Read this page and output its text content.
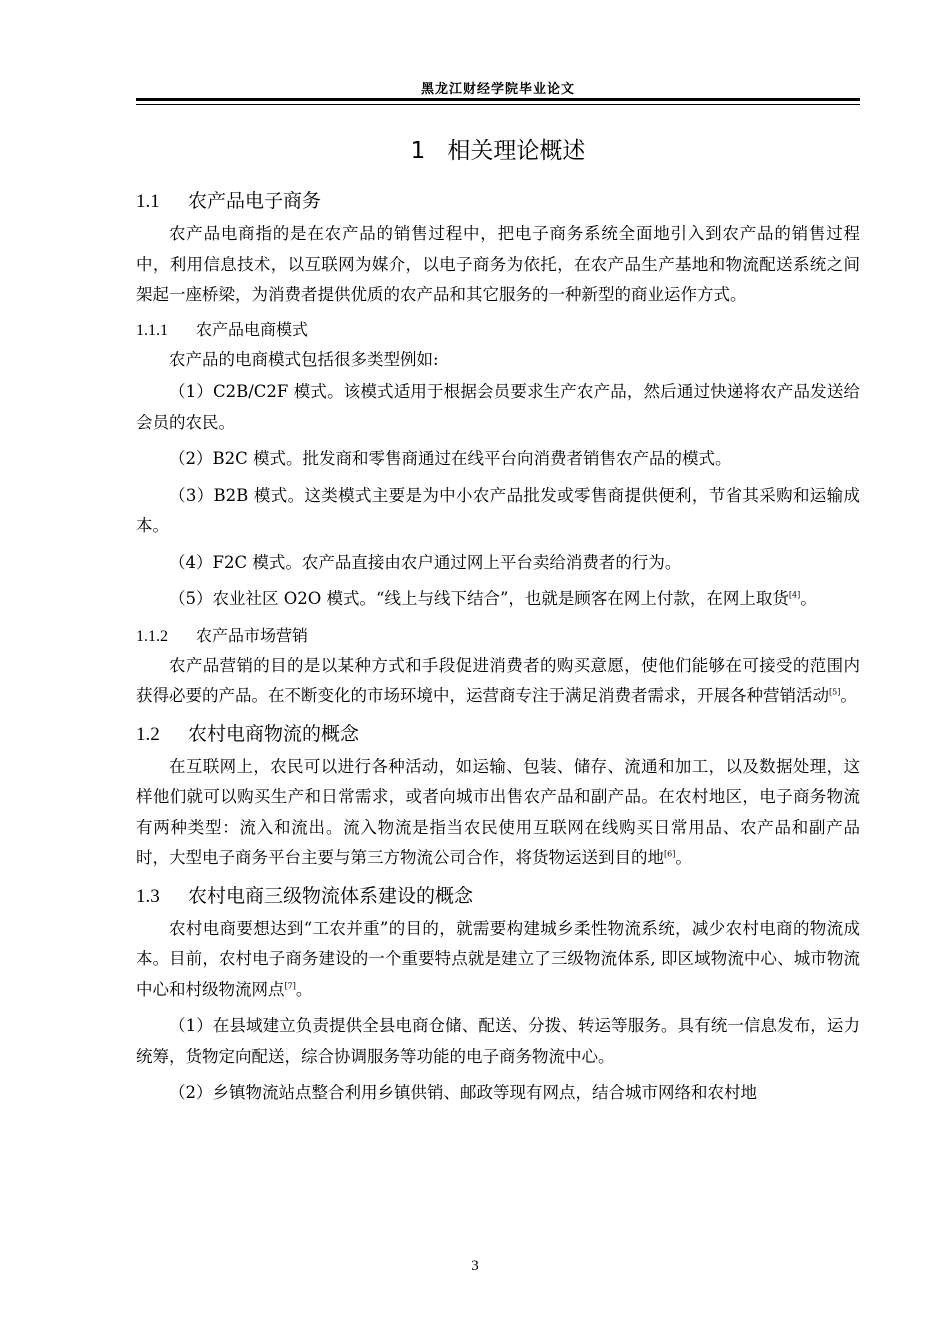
黑龙江财经学院毕业论文
1 相关理论概述
1.1 农产品电子商务

农产品电商指的是在农产品的销售过程中，把电子商务系统全面地引入到农产品的销售过程中，利用信息技术，以互联网为媒介，以电子商务为依托，在农产品生产基地和物流配送系统之间架起一座桥梁，为消费者提供优质的农产品和其它服务的一种新型的商业运作方式。

1.1.1 农产品电商模式

农产品的电商模式包括很多类型例如:

（1）C2B/C2F 模式。该模式适用于根据会员要求生产农产品，然后通过快递将农产品发送给会员的农民。

（2）B2C 模式。批发商和零售商通过在线平台向消费者销售农产品的模式。

（3）B2B 模式。这类模式主要是为中小农产品批发或零售商提供便利，节省其采购和运输成本。

（4）F2C 模式。农产品直接由农户通过网上平台卖给消费者的行为。

（5）农业社区 O2O 模式。“线上与线下结合”，也就是顾客在网上付款，在网上取货[4]。

1.1.2 农产品市场营销

农产品营销的目的是以某种方式和手段促进消费者的购买意愿，使他们能够在可接受的范围内获得必要的产品。在不断变化的市场环境中，运营商专注于满足消费者需求，开展各种营销活动[5]。

1.2 农村电商物流的概念

在互联网上，农民可以进行各种活动，如运输、包装、储存、流通和加工，以及数据处理，这样他们就可以购买生产和日常需求，或者向城市出售农产品和副产品。在农村地区，电子商务物流有两种类型：流入和流出。流入物流是指当农民使用互联网在线购买日常用品、农产品和副产品时，大型电子商务平台主要与第三方物流公司合作，将货物运送到目的地[6]。

1.3 农村电商三级物流体系建设的概念

农村电商要想达到“工农并重”的目的，就需要构建城乡柔性物流系统，减少农村电商的物流成本。目前，农村电子商务建设的一个重要特点就是建立了三级物流体系, 即区域物流中心、城市物流中心和村级物流网点[7]。

（1）在县域建立负责提供全县电商仓储、配送、分拨、转运等服务。具有统一信息发布，运力统筹，货物定向配送，综合协调服务等功能的电子商务物流中心。

（2）乡镇物流站点整合利用乡镇供销、邮政等现有网点，结合城市网络和农村地

3
